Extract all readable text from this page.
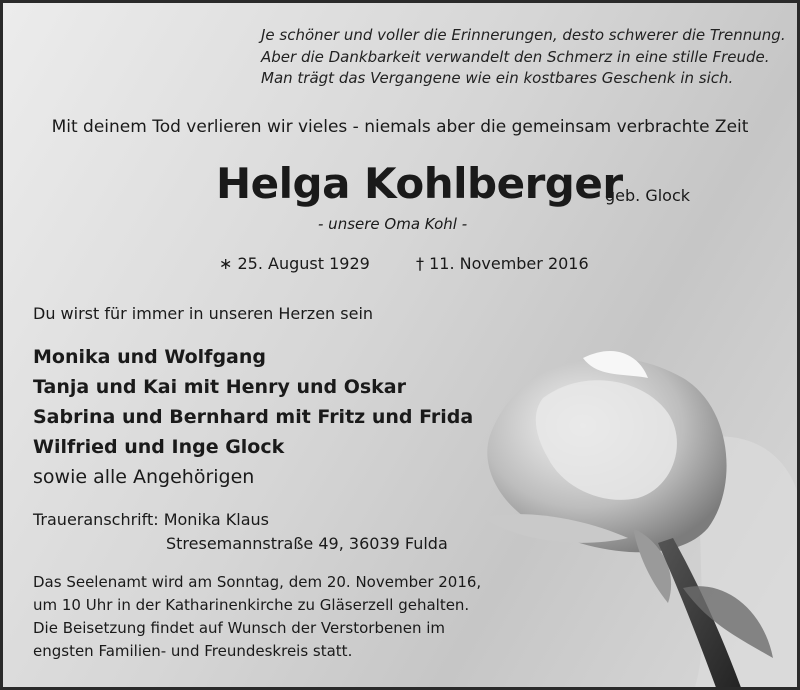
Je schöner und voller die Erinnerungen, desto schwerer die Trennung.
Aber die Dankbarkeit verwandelt den Schmerz in eine stille Freude.
Man trägt das Vergangene wie ein kostbares Geschenk in sich.
Mit deinem Tod verlieren wir vieles - niemals aber die gemeinsam verbrachte Zeit
Helga Kohlberger
geb. Glock
- unsere Oma Kohl -
∗ 25. August 1929	† 11. November 2016
Du wirst für immer in unseren Herzen sein
Monika und Wolfgang
Tanja und Kai mit Henry und Oskar
Sabrina und Bernhard mit Fritz und Frida
Wilfried und Inge Glock
sowie alle Angehörigen
Traueranschrift: Monika Klaus
Stresemannstraße 49, 36039 Fulda
Das Seelenamt wird am Sonntag, dem 20. November 2016,
um 10 Uhr in der Katharinenkirche zu Gläserzell gehalten.
Die Beisetzung findet auf Wunsch der Verstorbenen im
engsten Familien- und Freundeskreis statt.
